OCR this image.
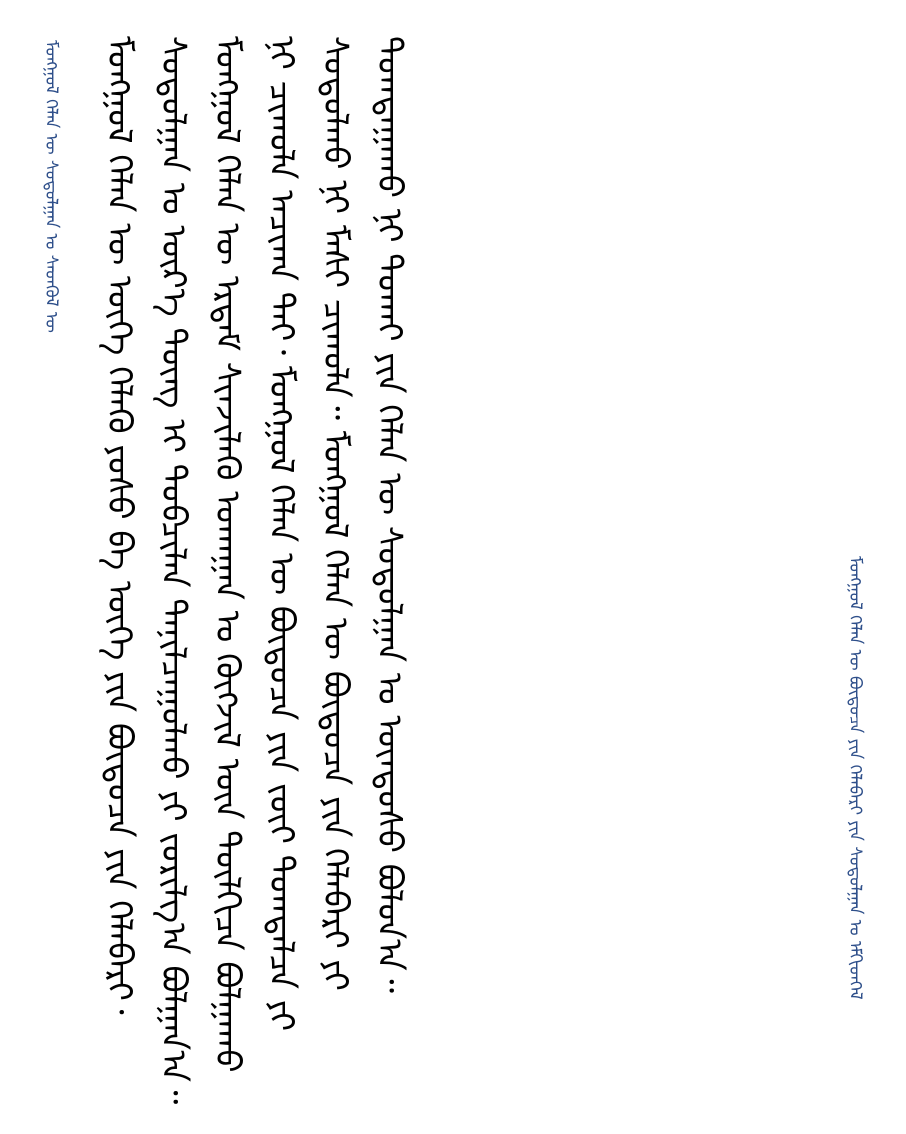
ᠮᠣᠩᠭᠣᠯ ᠬᠡᠯᠡᠨ ᠦ ᠰᠤᠳᠤᠯᠭᠠᠨ ᠤ ᠰᠡᠳᠬᠦᠯ ᠦ ᠮᠣᠩᠭᠣᠯ ᠬᠡᠯᠡᠨ ᠦ ᠦᠭᠡ ᠬᠡᠯᠡᠬᠦ ᠶᠤᠰᠤ ᠪᠠ ᠦᠭᠡ ᠶᠢᠨ ᠪᠦᠲᠦᠴᠡ ᠶᠢᠨ ᠬᠡᠯᠡᠪᠡᠷᠢ᠂ ᠰᠤᠳᠤᠯᠭᠠᠨ ᠤ ᠦᠷ᠎ᠡ ᠳᠦᠩ ᠢ ᠲᠣᠪᠴᠢᠯᠠᠨ ᠲᠠᠨᠢᠯᠴᠠᠭᠤᠯᠬᠤ ᠶᠢ ᠵᠣᠷᠢᠯᠭ᠎ᠠ ᠪᠣᠯᠭᠠᠨ᠎ᠠ᠃ ᠮᠣᠩᠭᠣᠯ ᠬᠡᠯᠡᠨ ᠦ ᠡᠷᠳᠡᠮ ᠰᠢᠨᠵᠢᠯᠡᠬᠦ ᠤᠬᠠᠭᠠᠨ ᠤ ᠬᠥᠭᠵᠢᠯ ᠦᠨ ᠲᠦᠯᠬᠢᠴᠡ ᠪᠣᠯᠭᠠᠬᠤ ᠨᠢ ᠴᠢᠬᠤᠯᠠ ᠠᠴᠢᠬᠠ ᠲᠠᠢ᠂ ᠮᠣᠩᠭᠣᠯ ᠬᠡᠯᠡᠨ ᠦ ᠪᠦᠲᠦᠴᠡ ᠶᠢᠨ ᠵᠦᠢ ᠲᠣᠭᠲᠠᠯᠴᠠ ᠶᠢ ᠰᠤᠳᠤᠯᠬᠤ ᠨᠢ ᠮᠠᠰᠢ ᠴᠢᠬᠤᠯᠠ᠃ ᠮᠣᠩᠭᠣᠯ ᠬᠡᠯᠡᠨ ᠦ ᠪᠦᠲᠦᠴᠡ ᠶᠢᠨ ᠬᠡᠯᠡᠪᠡᠷᠢ ᠶᠢ ᠲᠣᠭᠲᠠᠭᠠᠬᠤ ᠨᠢ ᠲᠤᠬᠠᠢ ᠶᠢᠨ ᠬᠡᠯᠡᠨ ᠦ ᠰᠤᠳᠤᠯᠭᠠᠨ ᠤ ᠦᠨᠳᠦᠰᠦ ᠪᠣᠯᠤᠨ᠎ᠠ᠃	ᠮᠣᠩᠭᠣᠯ ᠬᠡᠯᠡᠨ ᠦ ᠪᠦᠲᠦᠴᠡ ᠶᠢᠨ ᠬᠡᠯᠡᠪᠡᠷᠢ ᠶᠢᠨ ᠰᠤᠳᠤᠯᠭᠠᠨ ᠤ ᠡᠮᠬᠢᠳᠬᠡᠯ
